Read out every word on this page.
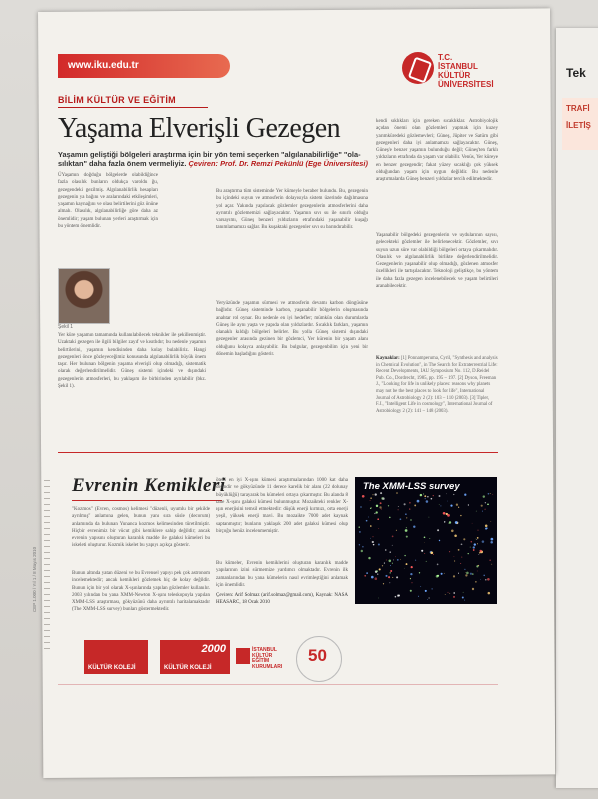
Tek
TRAFİ
İLETİŞ
www.iku.edu.tr
T.C.
İSTANBUL
KÜLTÜR
ÜNİVERSİTESİ
BİLİM KÜLTÜR VE EĞİTİM
Yaşama Elverişli Gezegen
Yaşamın geliştiği bölgeleri araştırma için bir yön temi seçerken "algılanabilirliğe" "olasılıktan" daha fazla önem vermeliyiz. Çeviren: Prof. Dr. Remzi Pekünlü (Ege Üniversitesi)
ÜYaşamın doğduğu bölgelerde olabildiğince fazla olasılık bunların oldukça varoldu ğu, gezegendeki gezilmiş. Algılanabilirlik hesapları gezegenin ya bağını ve aralarındaki etkileşimleri, yaşamın kaynağını ve olası belirtilerini göz önüne almalı. Olasılık, algılanabilirliğe göre daha az önemlidir; yaşam bulunan yerleri araştırmak için bu yöntem önemlidir.
Şekil 1
Yer küre yaşamın tamamında kullanılabilecek teknikler ile şekillenmiştir. Uzaktaki gezegen ile ilgili bilgiler zayıf ve kısıtlıdır; bu nedenle yaşamın belirtilerini, yaşamın kendisinden daha kolay bulabiliriz. Hangi gezegenleri önce gözleyeceğimiz konusunda algılanabilirlik büyük önem taşır. Her bulunan bölgenin yaşama elverişli olup olmadığı, sistematik olarak değerlendirilmelidir. Güneş sistemi içindeki ve dışındaki gezegenlerin atmosferleri, bu yaklaşım ile birbirinden ayrılabilir (bkz. Şekil 1).
Bu araştırma tüm sisteminde Yer kümeyle beraber bulundu. Bu, gezegenin bu içindeki suyun ve atmosferin dolayısıyla sistem üzerinde dağılmasına yol açar. Yakında yapılacak gözlemler gezegenlerin atmosferlerini daha ayrıntılı gözlememizi sağlayacaktır. Yaşamın sıvı su ile sınırlı olduğu varsayımı, Güneş benzeri yıldızların etrafındaki yaşanabilir kuşağı tanımlamamızı sağlar. Bu kuşaktaki gezegenler sıvı su barındırabilir.
Yeryüzünde yaşamın sürmesi ve atmosferin devamı karbon döngüsüne bağlıdır. Güneş sisteminde karbon, yaşanabilir bölgelerin oluşmasında anahtar rol oynar. Bu nedenle en iyi hedefler; mümkün olan durumlarda Güneş ile aynı yaşta ve yapıda olan yıldızlardır. Sıcaklık farkları, yaşamın olanaklı kıldığı bölgeleri belirler. Bu yolla Güneş sistemi dışındaki gezegenler arasında gezinen bir gözlemci, Yer kürenin bir yaşam alanı olduğunu kolayca anlayabilir. Bu bulgular, gezegenbilim için yeni bir dönemin başladığını gösterir.
kendi sıklıkları için gereken sıcaklıklar. Astrobiyolojik açıdan önemi olan gözlemleri yapmak için kuzey yarımküredeki gözlemevleri; Güneş, Jüpiter ve Satürn gibi gezegenleri daha iyi anlamamızı sağlayacaktır. Güneş, Güneş'e benzer yaşamın bulunduğu değil; Güneş'ten farklı yıldızların etrafında da yaşam var olabilir. Venüs, Yer küreye en benzer gezegendir; fakat yüzey sıcaklığı çok yüksek olduğundan yaşam için uygun değildir. Bu nedenle araştırmalarda Güneş benzeri yıldızlar tercih edilmektedir.
Yaşanabilir bölgedeki gezegenlerin ve uydularının sayısı, gelecekteki gözlemler ile belirlenecektir. Gözlemler, sıvı suyun uzun süre var olabildiği bölgeleri ortaya çıkarmalıdır. Olasılık ve algılanabilirlik birlikte değerlendirilmelidir. Gezegenlerin yaşanabilir olup olmadığı, gözlenen atmosfer özellikleri ile tartışılacaktır. Teknoloji geliştikçe, bu yöntem ile daha fazla gezegen incelenebilecek ve yaşam belirtileri aranabilecektir.
Kaynaklar: [1] Ponnamperuma, Cyril, "Synthesis and analysis in Chemical Evolution", in The Search for Extraterrestrial Life: Recent Developments, IAU Symposium No. 112, D.Reidel Pub. Co., Dordrecht, 1985, pp. 195 – 197. [2] Dyson, Freeman J., "Looking for life in unlikely places: reasons why planets may not be the best places to look for life", International Journal of Astrobiology 2 (2): 103 – 110 (2003). [3] Tipler, F.J., "Intelligent Life in cosmology", International Journal of Astrobiology 2 (2): 141 – 148 (2003).
Evrenin Kemikleri
"Kozmos" (Evren, cosmos) kelimesi "düzenli, uyumlu bir şekilde ayrılmış" anlamına gelen, bunun yanı sıra süsle (decorum) anlamında da bulunan Yunanca kozmos kelimesinden türetilmiştir. Hiçbir evrenimiz bir vücut gibi kemiklere sahip değildir; ancak evrenin yapısını oluşturan karanlık madde ile galaksi kümeleri bu iskeleti oluşturur. Kozmik iskelet bu yapıyı açıkça gösterir.
Bunun altında yatan düzeni ve bu Evrensel yapıyı pek çok astronom incelemektedir; ancak kemikleri gözlemek hiç de kolay değildir. Bunun için bir yol olarak X-ışınlarında yapılan gözlemler kullanılır. 2003 yılından bu yana XMM-Newton X-ışını teleskopuyla yapılan XMM-LSS araştırması, gökyüzünü daha ayrıntılı haritalamaktadır (The XMM-LSS survey) bunları göstermektedir.
öteki en iyi X-ışını kümesi araştırmalarından 1000 kat daha derindir ve gökyüzünde 11 derece karelik bir alanı (22 dolunay büyüklüğü) tarayarak bu kümeleri ortaya çıkarmıştır. Bu alanda 8 tane X-ışını galaksi kümesi bulunmuştur. Mozaikteki renkler X-ışın enerjisini temsil etmektedir: düşük enerji kırmızı, orta enerji yeşil, yüksek enerji mavi. Bu mozaikte 7000 adet kaynak saptanmıştır; bunların yaklaşık 200 adet galaksi kümesi olup birçoğu henüz incelenmemiştir.
Bu kümeler, Evrenin kemiklerini oluşturan karanlık madde yapılarının izini sürmemize yardımcı olmaktadır. Evrenin ilk zamanlarından bu yana kümelerin nasıl evrimleştiğini anlamak için önemlidir.
Çeviren: Arif Solmaz (arif.solmaz@gmail.com), Kaynak: NASA HEASARC, 18 Ocak 2010
The XMM-LSS survey
CEP 1.000 / Yıl 1 / 8 Mayıs 2010
KÜLTÜR KOLEJİ
2000
KÜLTÜR KOLEJİ
İSTANBUL
KÜLTÜR
EĞİTİM
KURUMLARI
50
